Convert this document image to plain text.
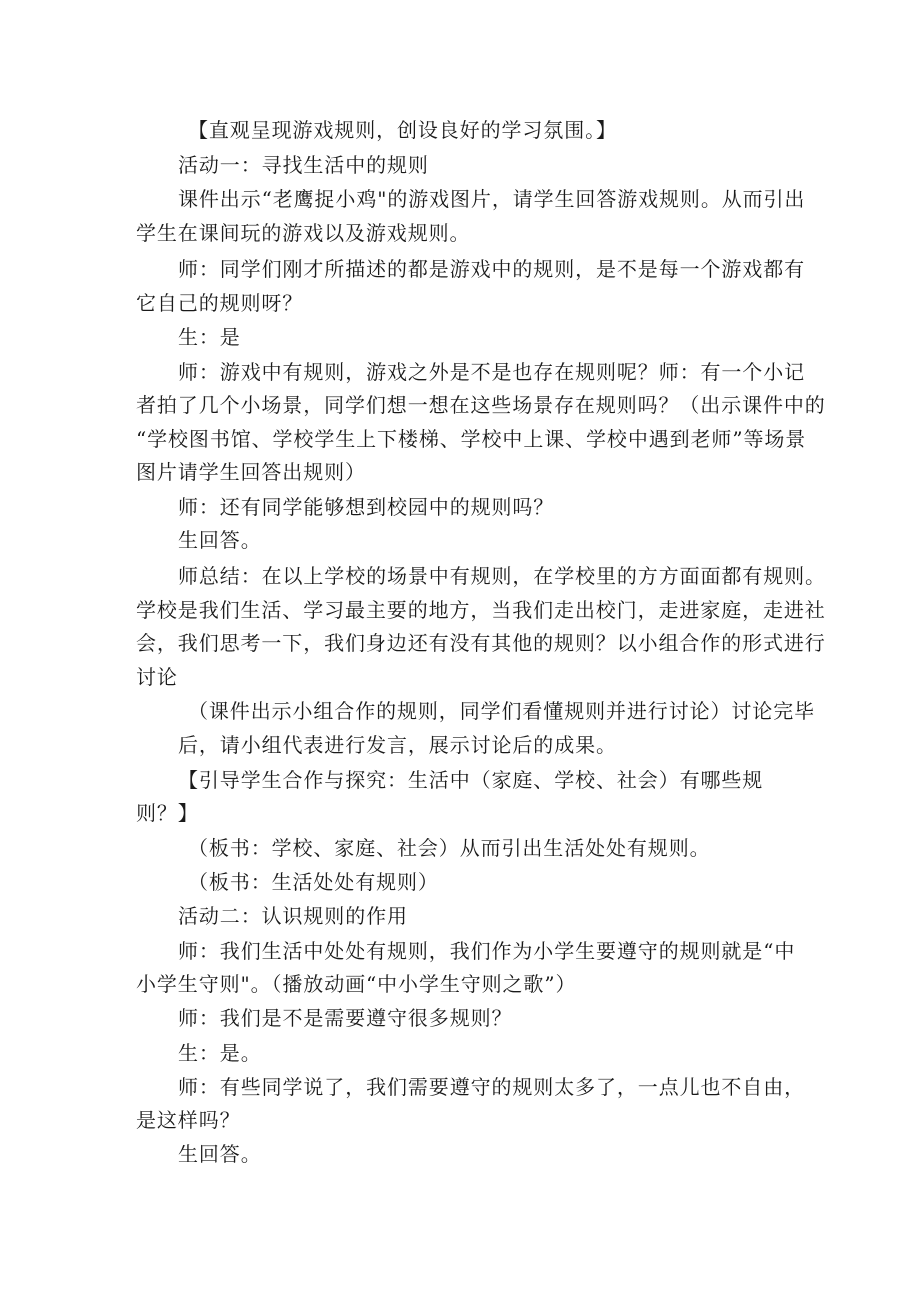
【直观呈现游戏规则，创设良好的学习氛围。】
活动一：寻找生活中的规则
课件出示“老鹰捉小鸡"的游戏图片，请学生回答游戏规则。从而引出
学生在课间玩的游戏以及游戏规则。
师：同学们刚才所描述的都是游戏中的规则，是不是每一个游戏都有
它自己的规则呀？
生：是
师：游戏中有规则，游戏之外是不是也存在规则呢？师：有一个小记
者拍了几个小场景，同学们想一想在这些场景存在规则吗？（出示课件中的
“学校图书馆、学校学生上下楼梯、学校中上课、学校中遇到老师”等场景
图片请学生回答出规则）
师：还有同学能够想到校园中的规则吗？
生回答。
师总结：在以上学校的场景中有规则，在学校里的方方面面都有规则。
学校是我们生活、学习最主要的地方，当我们走出校门，走进家庭，走进社
会，我们思考一下，我们身边还有没有其他的规则？以小组合作的形式进行
讨论
（课件出示小组合作的规则，同学们看懂规则并进行讨论）讨论完毕
后，请小组代表进行发言，展示讨论后的成果。
【引导学生合作与探究：生活中（家庭、学校、社会）有哪些规
则？】
（板书：学校、家庭、社会）从而引出生活处处有规则。
（板书：生活处处有规则）
活动二：认识规则的作用
师：我们生活中处处有规则，我们作为小学生要遵守的规则就是“中
小学生守则"。（播放动画“中小学生守则之歌”）
师：我们是不是需要遵守很多规则？
生：是。
师：有些同学说了，我们需要遵守的规则太多了，一点儿也不自由，
是这样吗？
生回答。
